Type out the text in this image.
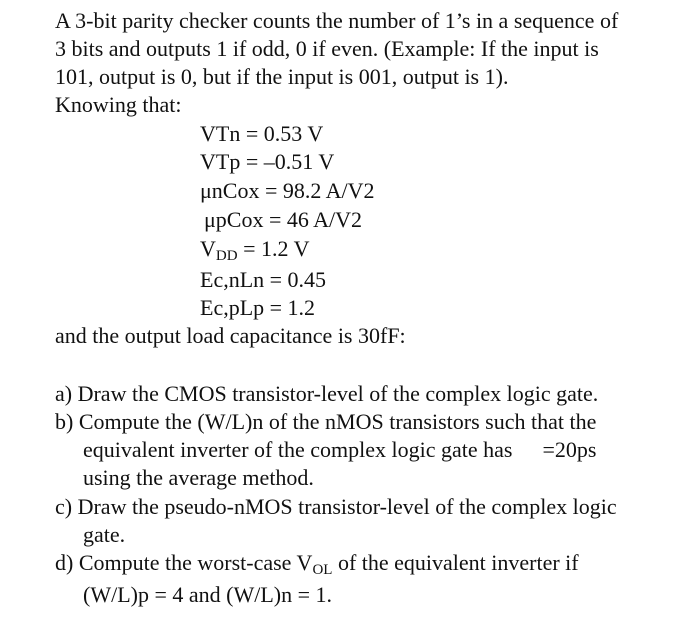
A 3-bit parity checker counts the number of 1’s in a sequence of
3 bits and outputs 1 if odd, 0 if even. (Example: If the input is
101, output is 0, but if the input is 001, output is 1).
Knowing that:
VTn = 0.53 V
VTp = –0.51 V
μnCox = 98.2 A/V2
μpCox = 46 A/V2
$V_{DD} = 1.2$ V
Ec,nLn = 0.45
Ec,pLp = 1.2
and the output load capacitance is 30fF:
a) Draw the CMOS transistor-level of the complex logic gate.
b) Compute the (W/L)n of the nMOS transistors such that the
equivalent inverter of the complex logic gate has =20ps
using the average method.
c) Draw the pseudo-nMOS transistor-level of the complex logic
gate.
d) Compute the worst-case $V_{OL}$ of the equivalent inverter if
(W/L)p = 4 and (W/L)n = 1.
